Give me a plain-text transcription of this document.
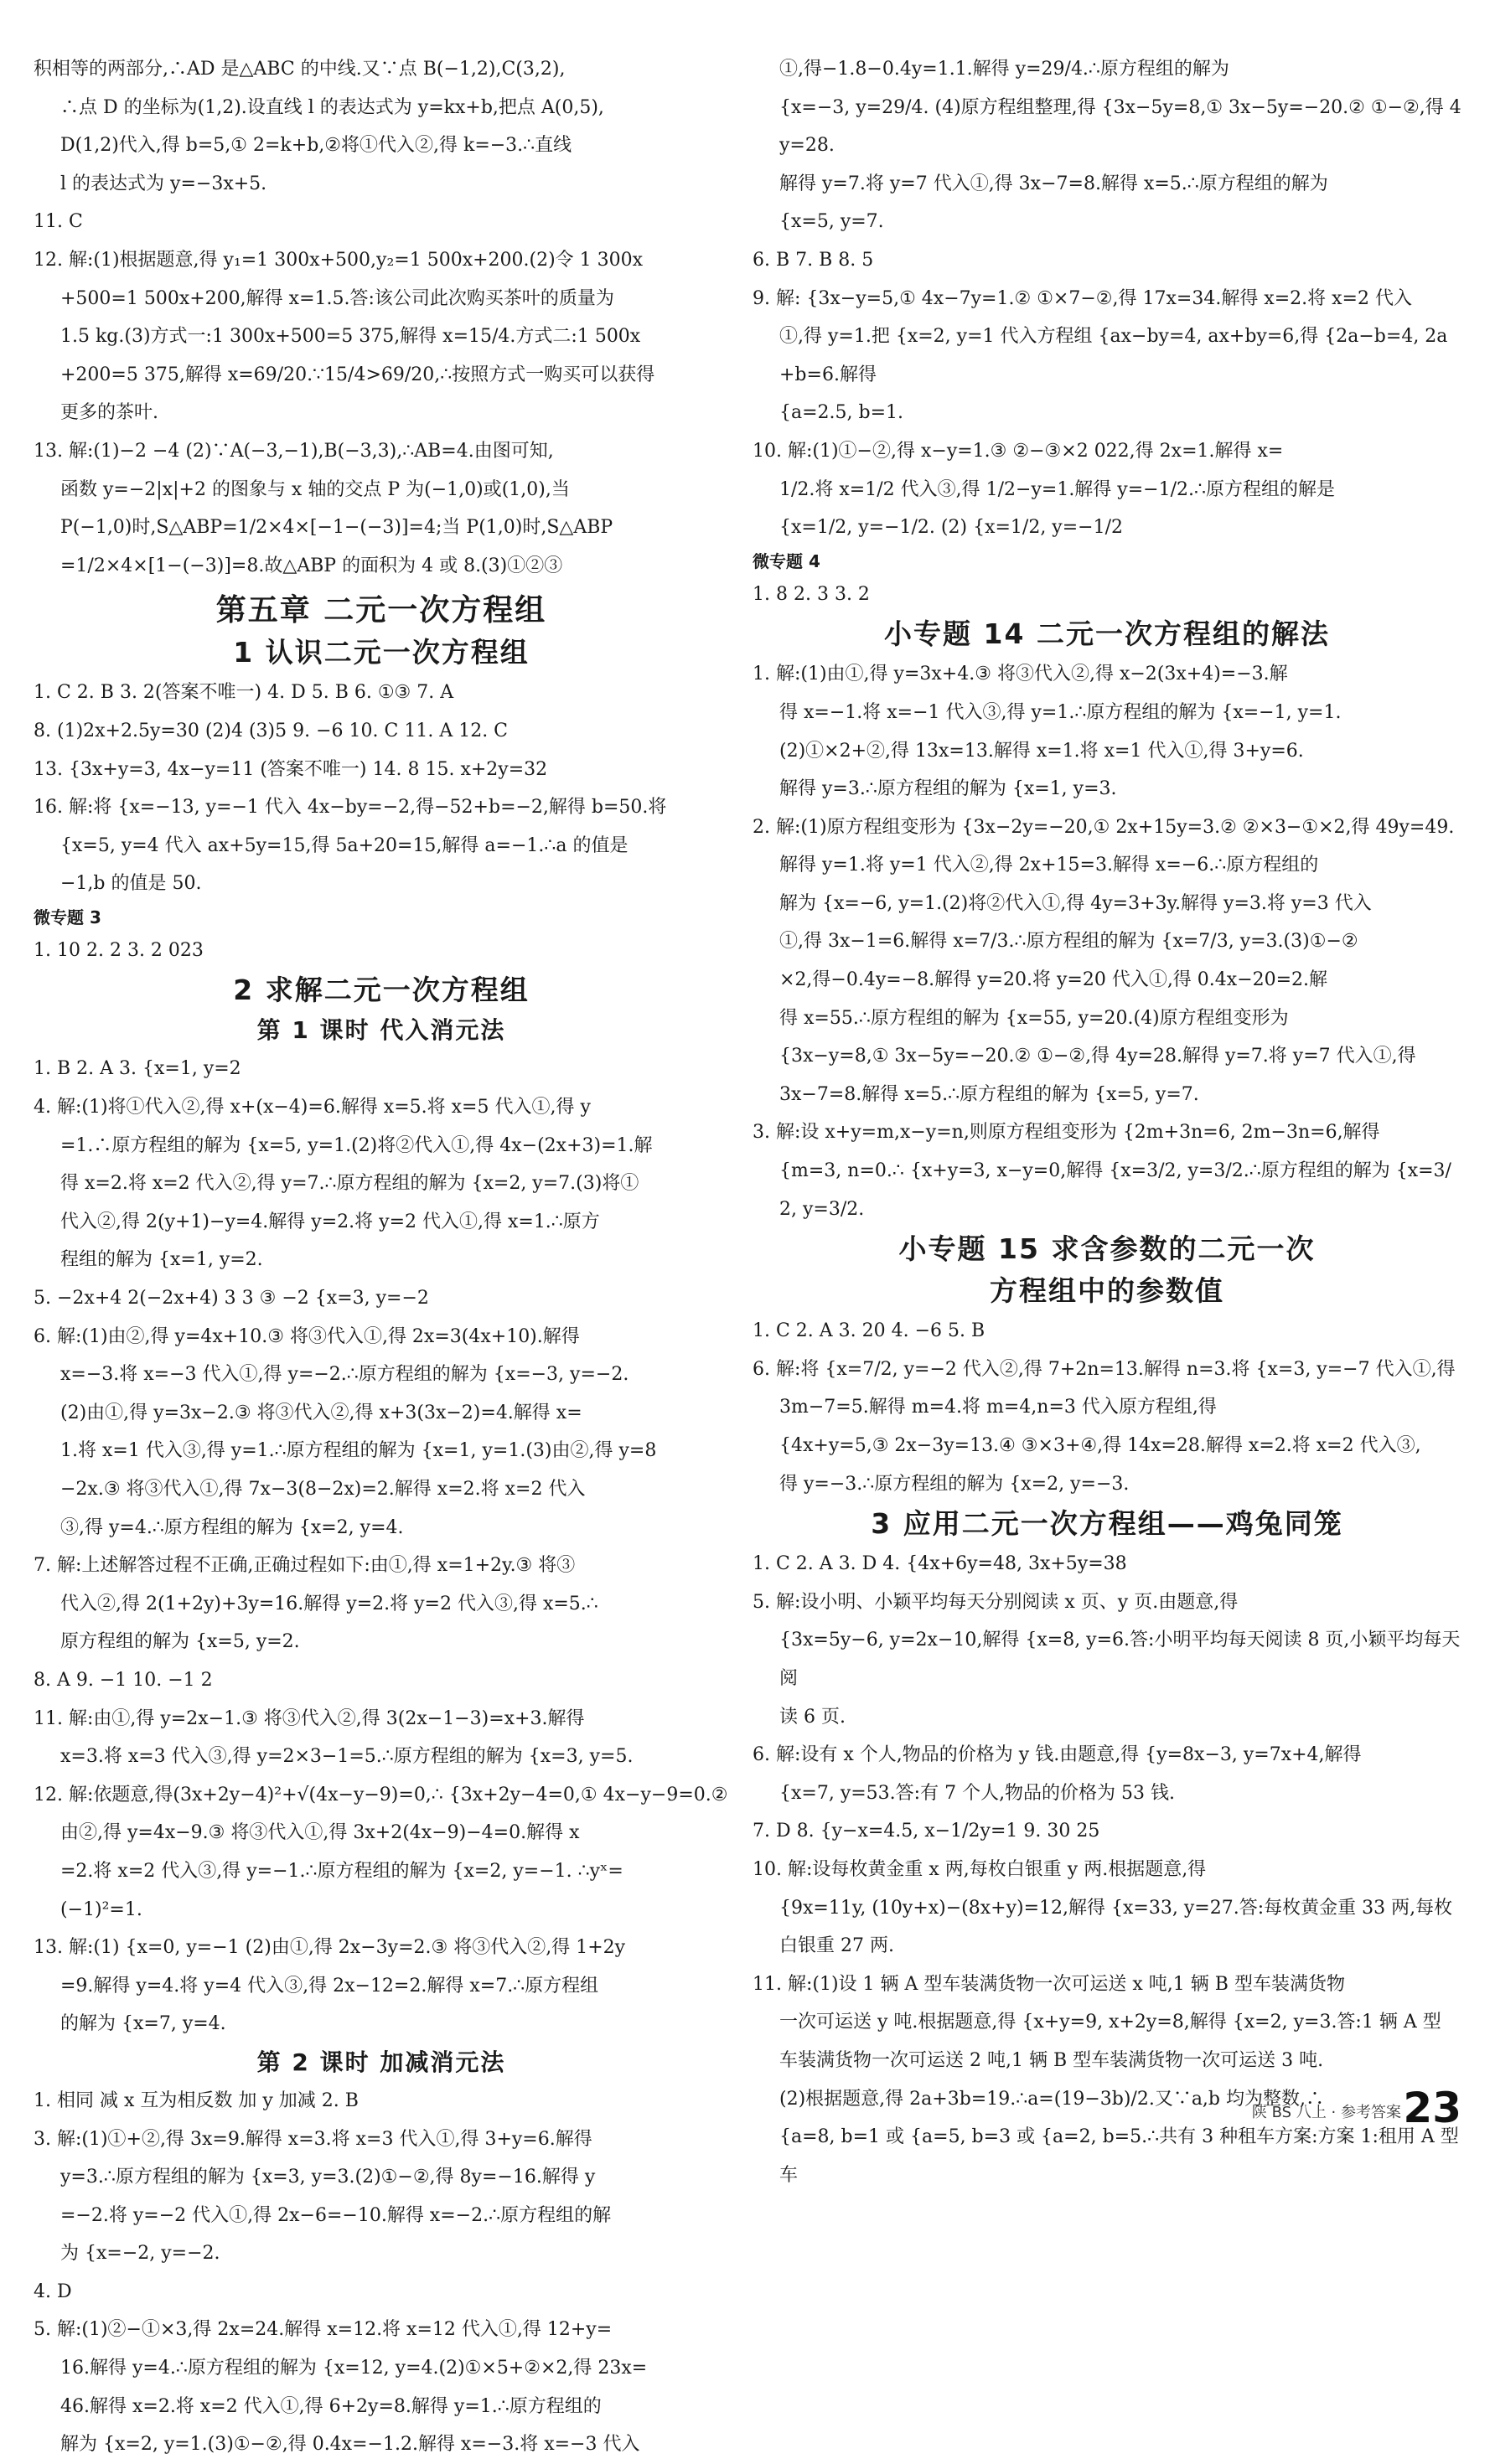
积相等的两部分,∴AD 是△ABC 的中线.又∵点 B(−1,2),C(3,2),
∴点 D 的坐标为(1,2).设直线 l 的表达式为 y=kx+b,把点 A(0,5),
D(1,2)代入,得 b=5,① 2=k+b,②将①代入②,得 k=−3.∴直线
l 的表达式为 y=−3x+5.
11. C
12. 解:(1)根据题意,得 y₁=1 300x+500,y₂=1 500x+200.(2)令 1 300x
+500=1 500x+200,解得 x=1.5.答:该公司此次购买茶叶的质量为
1.5 kg.(3)方式一:1 300x+500=5 375,解得 x=15/4.方式二:1 500x
+200=5 375,解得 x=69/20.∵15/4>69/20,∴按照方式一购买可以获得
更多的茶叶.
13. 解:(1)−2 −4 (2)∵A(−3,−1),B(−3,3),∴AB=4.由图可知,
函数 y=−2|x|+2 的图象与 x 轴的交点 P 为(−1,0)或(1,0),当
P(−1,0)时,S△ABP=1/2×4×[−1−(−3)]=4;当 P(1,0)时,S△ABP
=1/2×4×[1−(−3)]=8.故△ABP 的面积为 4 或 8.(3)①②③
第五章 二元一次方程组
1 认识二元一次方程组
1. C 2. B 3. 2(答案不唯一) 4. D 5. B 6. ①③ 7. A
8. (1)2x+2.5y=30 (2)4 (3)5 9. −6 10. C 11. A 12. C
13. {3x+y=3, 4x−y=11 (答案不唯一) 14. 8 15. x+2y=32
16. 解:将 {x=−13, y=−1 代入 4x−by=−2,得−52+b=−2,解得 b=50.将
{x=5, y=4 代入 ax+5y=15,得 5a+20=15,解得 a=−1.∴a 的值是
−1,b 的值是 50.
微专题 3
1. 10 2. 2 3. 2 023
2 求解二元一次方程组
第 1 课时 代入消元法
1. B 2. A 3. {x=1, y=2
4. 解:(1)将①代入②,得 x+(x−4)=6.解得 x=5.将 x=5 代入①,得 y
=1.∴原方程组的解为 {x=5, y=1.(2)将②代入①,得 4x−(2x+3)=1.解
得 x=2.将 x=2 代入②,得 y=7.∴原方程组的解为 {x=2, y=7.(3)将①
代入②,得 2(y+1)−y=4.解得 y=2.将 y=2 代入①,得 x=1.∴原方
程组的解为 {x=1, y=2.
5. −2x+4 2(−2x+4) 3 3 ③ −2 {x=3, y=−2
6. 解:(1)由②,得 y=4x+10.③ 将③代入①,得 2x=3(4x+10).解得
x=−3.将 x=−3 代入①,得 y=−2.∴原方程组的解为 {x=−3, y=−2.
(2)由①,得 y=3x−2.③ 将③代入②,得 x+3(3x−2)=4.解得 x=
1.将 x=1 代入③,得 y=1.∴原方程组的解为 {x=1, y=1.(3)由②,得 y=8
−2x.③ 将③代入①,得 7x−3(8−2x)=2.解得 x=2.将 x=2 代入
③,得 y=4.∴原方程组的解为 {x=2, y=4.
7. 解:上述解答过程不正确,正确过程如下:由①,得 x=1+2y.③ 将③
代入②,得 2(1+2y)+3y=16.解得 y=2.将 y=2 代入③,得 x=5.∴
原方程组的解为 {x=5, y=2.
8. A 9. −1 10. −1 2
11. 解:由①,得 y=2x−1.③ 将③代入②,得 3(2x−1−3)=x+3.解得
x=3.将 x=3 代入③,得 y=2×3−1=5.∴原方程组的解为 {x=3, y=5.
12. 解:依题意,得(3x+2y−4)²+√(4x−y−9)=0,∴ {3x+2y−4=0,① 4x−y−9=0.②
由②,得 y=4x−9.③ 将③代入①,得 3x+2(4x−9)−4=0.解得 x
=2.将 x=2 代入③,得 y=−1.∴原方程组的解为 {x=2, y=−1. ∴yˣ=
(−1)²=1.
13. 解:(1) {x=0, y=−1 (2)由①,得 2x−3y=2.③ 将③代入②,得 1+2y
=9.解得 y=4.将 y=4 代入③,得 2x−12=2.解得 x=7.∴原方程组
的解为 {x=7, y=4.
第 2 课时 加减消元法
1. 相同 减 x 互为相反数 加 y 加减 2. B
3. 解:(1)①+②,得 3x=9.解得 x=3.将 x=3 代入①,得 3+y=6.解得
y=3.∴原方程组的解为 {x=3, y=3.(2)①−②,得 8y=−16.解得 y
=−2.将 y=−2 代入①,得 2x−6=−10.解得 x=−2.∴原方程组的解
为 {x=−2, y=−2.
4. D
5. 解:(1)②−①×3,得 2x=24.解得 x=12.将 x=12 代入①,得 12+y=
16.解得 y=4.∴原方程组的解为 {x=12, y=4.(2)①×5+②×2,得 23x=
46.解得 x=2.将 x=2 代入①,得 6+2y=8.解得 y=1.∴原方程组的
解为 {x=2, y=1.(3)①−②,得 0.4x=−1.2.解得 x=−3.将 x=−3 代入
①,得−1.8−0.4y=1.1.解得 y=29/4.∴原方程组的解为
{x=−3, y=29/4. (4)原方程组整理,得 {3x−5y=8,① 3x−5y=−20.② ①−②,得 4y=28.
解得 y=7.将 y=7 代入①,得 3x−7=8.解得 x=5.∴原方程组的解为
{x=5, y=7.
6. B 7. B 8. 5
9. 解: {3x−y=5,① 4x−7y=1.② ①×7−②,得 17x=34.解得 x=2.将 x=2 代入
①,得 y=1.把 {x=2, y=1 代入方程组 {ax−by=4, ax+by=6,得 {2a−b=4, 2a+b=6.解得
{a=2.5, b=1.
10. 解:(1)①−②,得 x−y=1.③ ②−③×2 022,得 2x=1.解得 x=
1/2.将 x=1/2 代入③,得 1/2−y=1.解得 y=−1/2.∴原方程组的解是
{x=1/2, y=−1/2. (2) {x=1/2, y=−1/2
微专题 4
1. 8 2. 3 3. 2
小专题 14 二元一次方程组的解法
1. 解:(1)由①,得 y=3x+4.③ 将③代入②,得 x−2(3x+4)=−3.解
得 x=−1.将 x=−1 代入③,得 y=1.∴原方程组的解为 {x=−1, y=1.
(2)①×2+②,得 13x=13.解得 x=1.将 x=1 代入①,得 3+y=6.
解得 y=3.∴原方程组的解为 {x=1, y=3.
2. 解:(1)原方程组变形为 {3x−2y=−20,① 2x+15y=3.② ②×3−①×2,得 49y=49.
解得 y=1.将 y=1 代入②,得 2x+15=3.解得 x=−6.∴原方程组的
解为 {x=−6, y=1.(2)将②代入①,得 4y=3+3y.解得 y=3.将 y=3 代入
①,得 3x−1=6.解得 x=7/3.∴原方程组的解为 {x=7/3, y=3.(3)①−②
×2,得−0.4y=−8.解得 y=20.将 y=20 代入①,得 0.4x−20=2.解
得 x=55.∴原方程组的解为 {x=55, y=20.(4)原方程组变形为
{3x−y=8,① 3x−5y=−20.② ①−②,得 4y=28.解得 y=7.将 y=7 代入①,得
3x−7=8.解得 x=5.∴原方程组的解为 {x=5, y=7.
3. 解:设 x+y=m,x−y=n,则原方程组变形为 {2m+3n=6, 2m−3n=6,解得
{m=3, n=0.∴ {x+y=3, x−y=0,解得 {x=3/2, y=3/2.∴原方程组的解为 {x=3/2, y=3/2.
小专题 15 求含参数的二元一次
方程组中的参数值
1. C 2. A 3. 20 4. −6 5. B
6. 解:将 {x=7/2, y=−2 代入②,得 7+2n=13.解得 n=3.将 {x=3, y=−7 代入①,得
3m−7=5.解得 m=4.将 m=4,n=3 代入原方程组,得
{4x+y=5,③ 2x−3y=13.④ ③×3+④,得 14x=28.解得 x=2.将 x=2 代入③,
得 y=−3.∴原方程组的解为 {x=2, y=−3.
3 应用二元一次方程组——鸡兔同笼
1. C 2. A 3. D 4. {4x+6y=48, 3x+5y=38
5. 解:设小明、小颖平均每天分别阅读 x 页、y 页.由题意,得
{3x=5y−6, y=2x−10,解得 {x=8, y=6.答:小明平均每天阅读 8 页,小颖平均每天阅
读 6 页.
6. 解:设有 x 个人,物品的价格为 y 钱.由题意,得 {y=8x−3, y=7x+4,解得
{x=7, y=53.答:有 7 个人,物品的价格为 53 钱.
7. D 8. {y−x=4.5, x−1/2y=1 9. 30 25
10. 解:设每枚黄金重 x 两,每枚白银重 y 两.根据题意,得
{9x=11y, (10y+x)−(8x+y)=12,解得 {x=33, y=27.答:每枚黄金重 33 两,每枚
白银重 27 两.
11. 解:(1)设 1 辆 A 型车装满货物一次可运送 x 吨,1 辆 B 型车装满货物
一次可运送 y 吨.根据题意,得 {x+y=9, x+2y=8,解得 {x=2, y=3.答:1 辆 A 型
车装满货物一次可运送 2 吨,1 辆 B 型车装满货物一次可运送 3 吨.
(2)根据题意,得 2a+3b=19.∴a=(19−3b)/2.又∵a,b 均为整数,∴
{a=8, b=1 或 {a=5, b=3 或 {a=2, b=5.∴共有 3 种租车方案:方案 1:租用 A 型车
陕 BS 八上 · 参考答案 23
